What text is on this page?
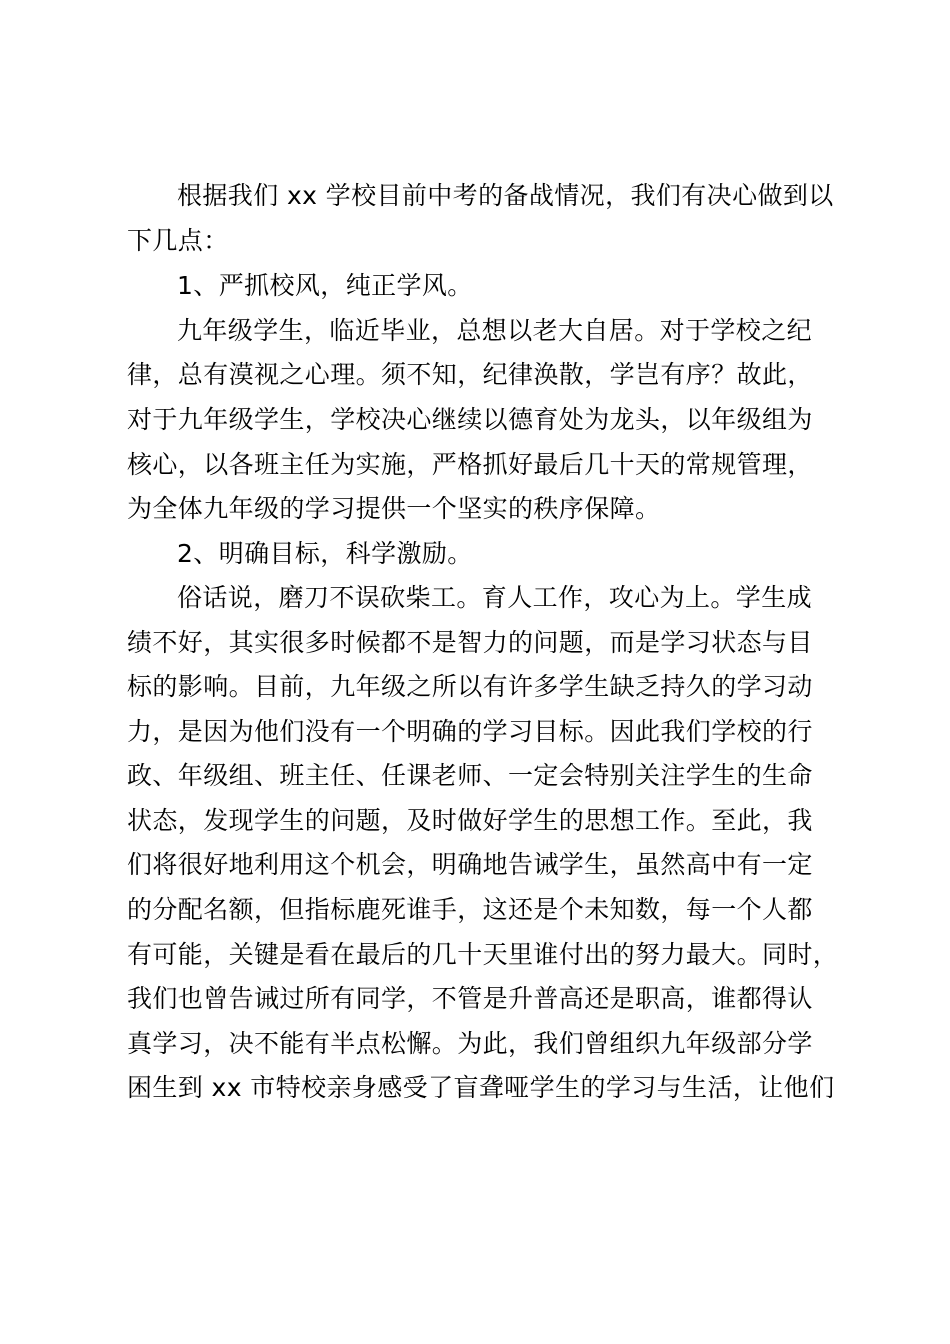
根据我们 xx 学校目前中考的备战情况，我们有决心做到以
下几点：
1、严抓校风，纯正学风。
九年级学生，临近毕业，总想以老大自居。对于学校之纪
律，总有漠视之心理。须不知，纪律涣散，学岂有序？故此，
对于九年级学生，学校决心继续以德育处为龙头，以年级组为
核心，以各班主任为实施，严格抓好最后几十天的常规管理，
为全体九年级的学习提供一个坚实的秩序保障。
2、明确目标，科学激励。
俗话说，磨刀不误砍柴工。育人工作，攻心为上。学生成
绩不好，其实很多时候都不是智力的问题，而是学习状态与目
标的影响。目前，九年级之所以有许多学生缺乏持久的学习动
力，是因为他们没有一个明确的学习目标。因此我们学校的行
政、年级组、班主任、任课老师、一定会特别关注学生的生命
状态，发现学生的问题，及时做好学生的思想工作。至此，我
们将很好地利用这个机会，明确地告诫学生，虽然高中有一定
的分配名额，但指标鹿死谁手，这还是个未知数，每一个人都
有可能，关键是看在最后的几十天里谁付出的努力最大。同时，
我们也曾告诫过所有同学，不管是升普高还是职高，谁都得认
真学习，决不能有半点松懈。为此，我们曾组织九年级部分学
困生到 xx 市特校亲身感受了盲聋哑学生的学习与生活，让他们
